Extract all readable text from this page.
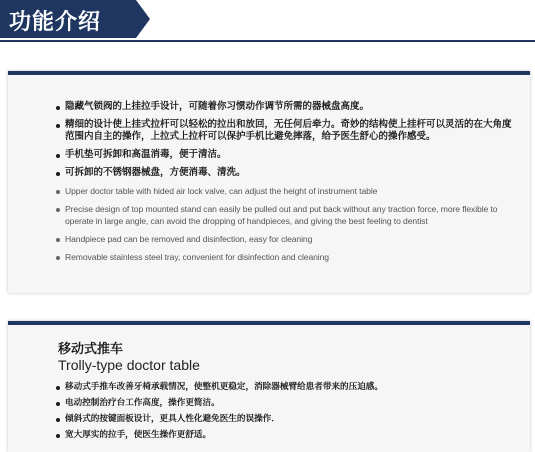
功能介绍
隐藏气锁阀的上挂拉手设计，可随着你习惯动作调节所需的器械盘高度。
精细的设计使上挂式拉杆可以轻松的拉出和放回，无任何后牵力。奇妙的结构使上挂杆可以灵活的在大角度范围内自主的操作，上拉式上拉杆可以保护手机比避免摔落，给予医生舒心的操作感受。
手机垫可拆卸和高温消毒，便于清洁。
可拆卸的不锈钢器械盘，方便消毒、清洗。
Upper doctor table with hided air lock valve, can adjust the height of instrument table
Precise design of top mounted stand can easily be pulled out and put back without any traction force, more flexible to operate in large angle, can avoid the dropping of handpieces, and giving the best feeling to dentist
Handpiece pad can be removed and disinfection, easy for cleaning
Removable stainless steel tray, convenient for disinfection and cleaning
移动式推车
Trolly-type doctor table
移动式手推车改善牙椅承载情况，使整机更稳定，消除器械臂给患者带来的压迫感。
电动控制治疗台工作高度，操作更简洁。
倾斜式的按键面板设计，更具人性化避免医生的误操作．
宽大厚实的拉手，使医生操作更舒适。
